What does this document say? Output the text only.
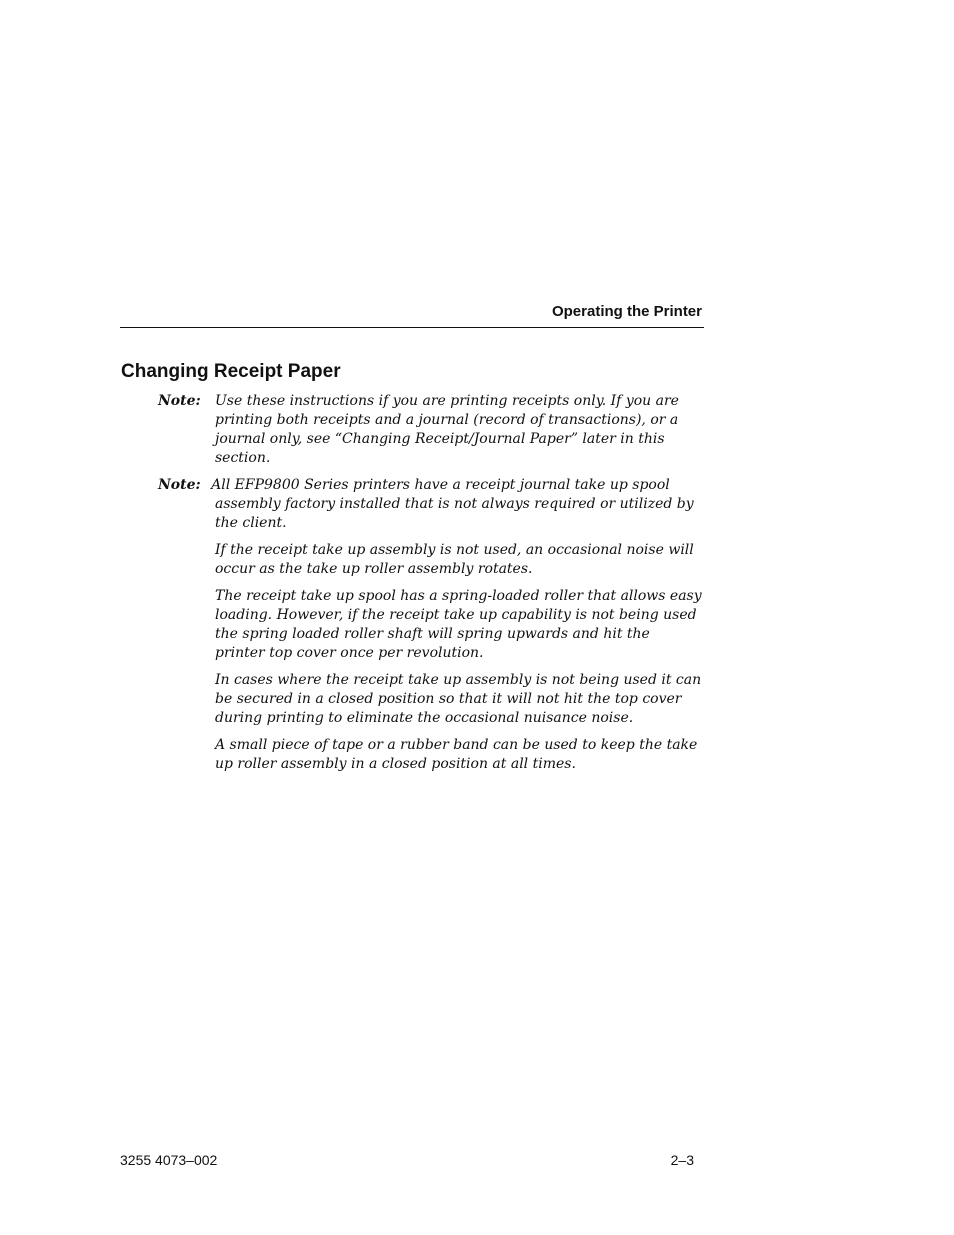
Operating the Printer
Changing Receipt Paper
Note: Use these instructions if you are printing receipts only. If you are printing both receipts and a journal (record of transactions), or a journal only, see “Changing Receipt/Journal Paper” later in this section.
Note: All EFP9800 Series printers have a receipt journal take up spool
assembly factory installed that is not always required or utilized by the client.

If the receipt take up assembly is not used, an occasional noise will occur as the take up roller assembly rotates.

The receipt take up spool has a spring-loaded roller that allows easy loading. However, if the receipt take up capability is not being used the spring loaded roller shaft will spring upwards and hit the printer top cover once per revolution.

In cases where the receipt take up assembly is not being used it can be secured in a closed position so that it will not hit the top cover during printing to eliminate the occasional nuisance noise.

A small piece of tape or a rubber band can be used to keep the take up roller assembly in a closed position at all times.

3255 4073–002	2–3
